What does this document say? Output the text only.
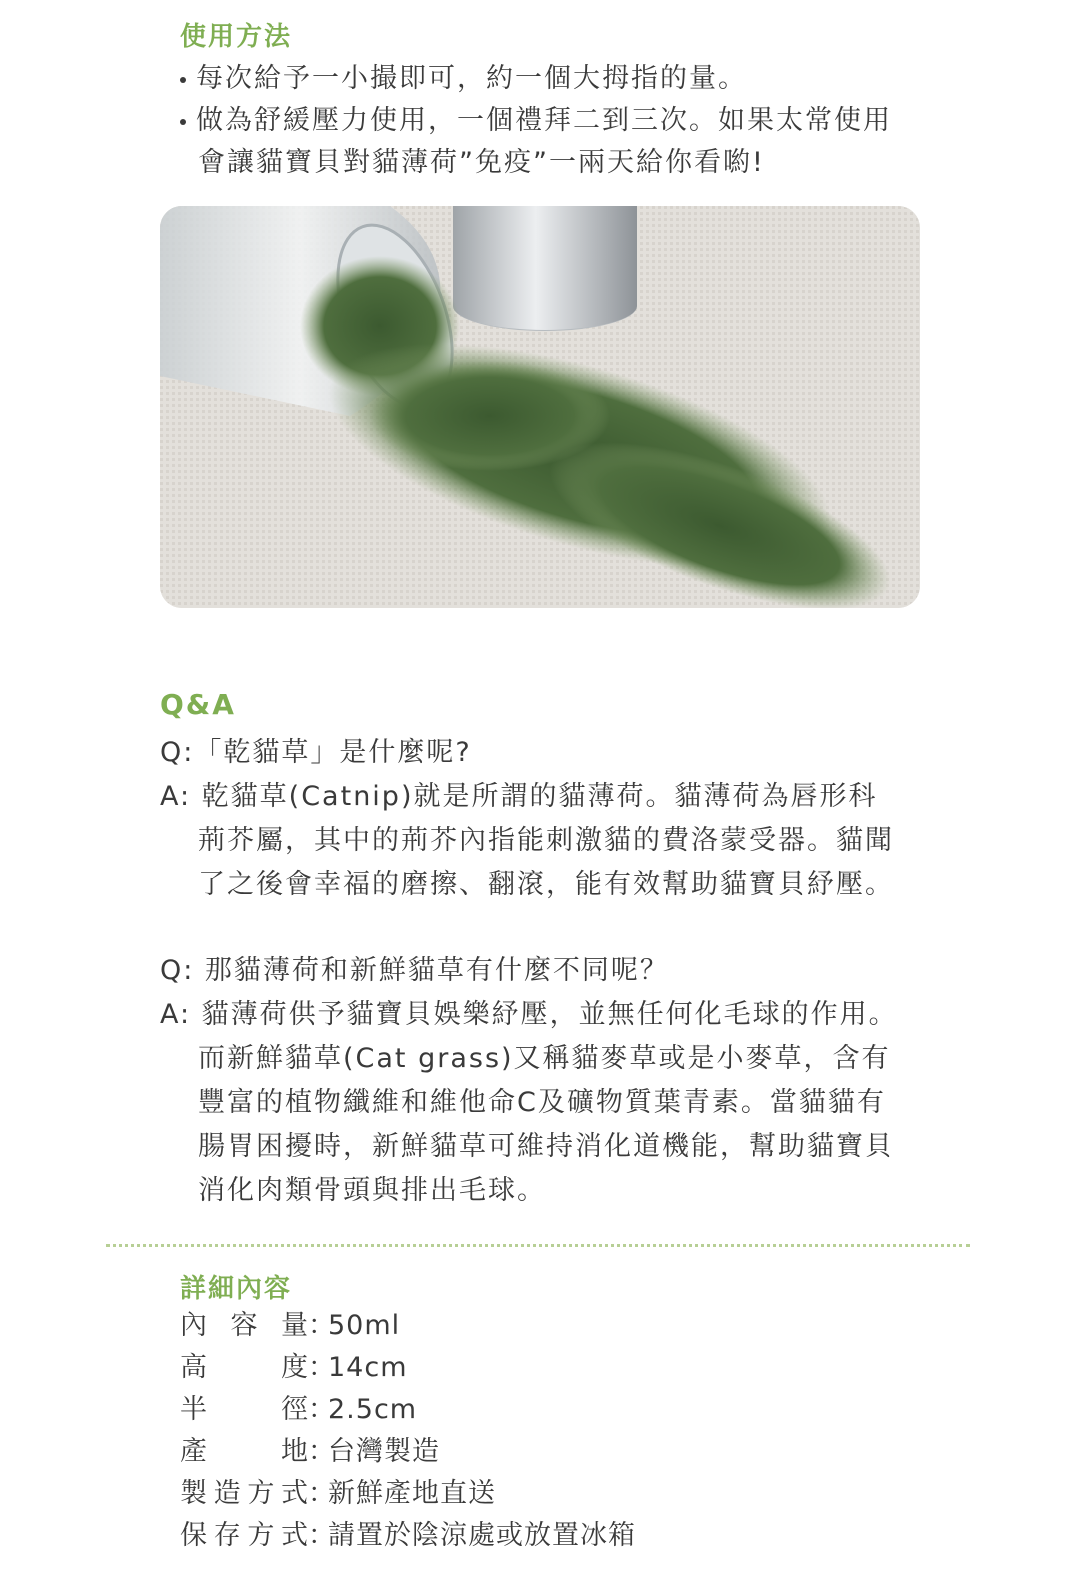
使用方法
每次給予一小撮即可，約一個大拇指的量。
做為舒緩壓力使用，一個禮拜二到三次。如果太常使用
會讓貓寶貝對貓薄荷”免疫”一兩天給你看喲!
Q&A
Q:「乾貓草」是什麼呢?
A: 乾貓草(Catnip)就是所謂的貓薄荷。貓薄荷為唇形科
荊芥屬，其中的荊芥內指能刺激貓的費洛蒙受器。貓聞
了之後會幸福的磨擦、翻滾，能有效幫助貓寶貝紓壓。
Q: 那貓薄荷和新鮮貓草有什麼不同呢？
A: 貓薄荷供予貓寶貝娛樂紓壓，並無任何化毛球的作用。
而新鮮貓草(Cat grass)又稱貓麥草或是小麥草，含有
豐富的植物纖維和維他命C及礦物質葉青素。當貓貓有
腸胃困擾時，新鮮貓草可維持消化道機能，幫助貓寶貝
消化肉類骨頭與排出毛球。
詳細內容
內容量：50ml
高度：14cm
半徑：2.5cm
產地：台灣製造
製造方式：新鮮產地直送
保存方式：請置於陰涼處或放置冰箱
